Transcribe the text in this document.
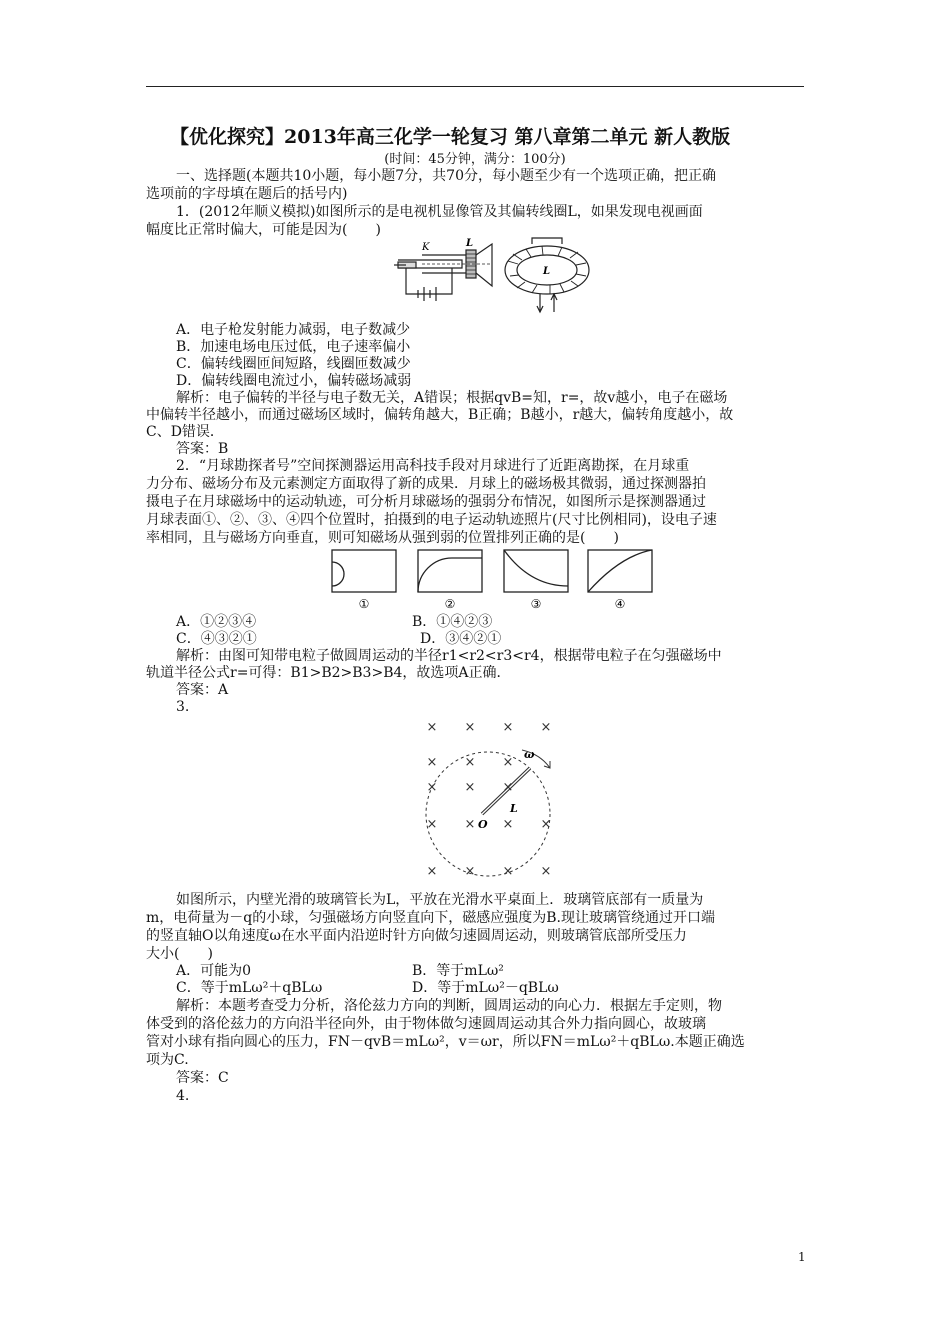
【优化探究】2013年高三化学一轮复习 第八章第二单元 新人教版
(时间：45分钟，满分：100分)
一、选择题(本题共10小题，每小题7分，共70分，每小题至少有一个选项正确，把正确
选项前的字母填在题后的括号内)
1．(2012年顺义模拟)如图所示的是电视机显像管及其偏转线圈L，如果发现电视画面
幅度比正常时偏大，可能是因为(　　)
K	L
L
A．电子枪发射能力减弱，电子数减少
B．加速电场电压过低，电子速率偏小
C．偏转线圈匝间短路，线圈匝数减少
D．偏转线圈电流过小，偏转磁场减弱
解析：电子偏转的半径与电子数无关，A错误；根据qvB=知，r=，故v越小，电子在磁场
中偏转半径越小，而通过磁场区域时，偏转角越大，B正确；B越小，r越大，偏转角度越小，故
C、D错误．
答案：B
2．“月球勘探者号”空间探测器运用高科技手段对月球进行了近距离勘探，在月球重
力分布、磁场分布及元素测定方面取得了新的成果．月球上的磁场极其微弱，通过探测器拍
摄电子在月球磁场中的运动轨迹，可分析月球磁场的强弱分布情况，如图所示是探测器通过
月球表面①、②、③、④四个位置时，拍摄到的电子运动轨迹照片(尺寸比例相同)，设电子速
率相同，且与磁场方向垂直，则可知磁场从强到弱的位置排列正确的是(　　)
①	②	③	④
A．①②③④	B．①④②③
C．④③②①	D．③④②①
解析：由图可知带电粒子做圆周运动的半径r1<r2<r3<r4，根据带电粒子在匀强磁场中
轨道半径公式r=可得：B1>B2>B3>B4，故选项A正确．
答案：A
3.
× × × ×
× × ×
× × ×
× × × ×
× × × ×
ω
L
O
如图所示，内壁光滑的玻璃管长为L，平放在光滑水平桌面上．玻璃管底部有一质量为
m，电荷量为－q的小球，匀强磁场方向竖直向下，磁感应强度为B.现让玻璃管绕通过开口端
的竖直轴O以角速度ω在水平面内沿逆时针方向做匀速圆周运动，则玻璃管底部所受压力
大小(　　)
A．可能为0	B．等于mLω²
C．等于mLω²＋qBLω	D．等于mLω²－qBLω
解析：本题考查受力分析，洛伦兹力方向的判断，圆周运动的向心力．根据左手定则，物
体受到的洛伦兹力的方向沿半径向外，由于物体做匀速圆周运动其合外力指向圆心，故玻璃
管对小球有指向圆心的压力，FN－qvB＝mLω²，v＝ωr，所以FN＝mLω²＋qBLω.本题正确选
项为C.
答案：C
4.
1
